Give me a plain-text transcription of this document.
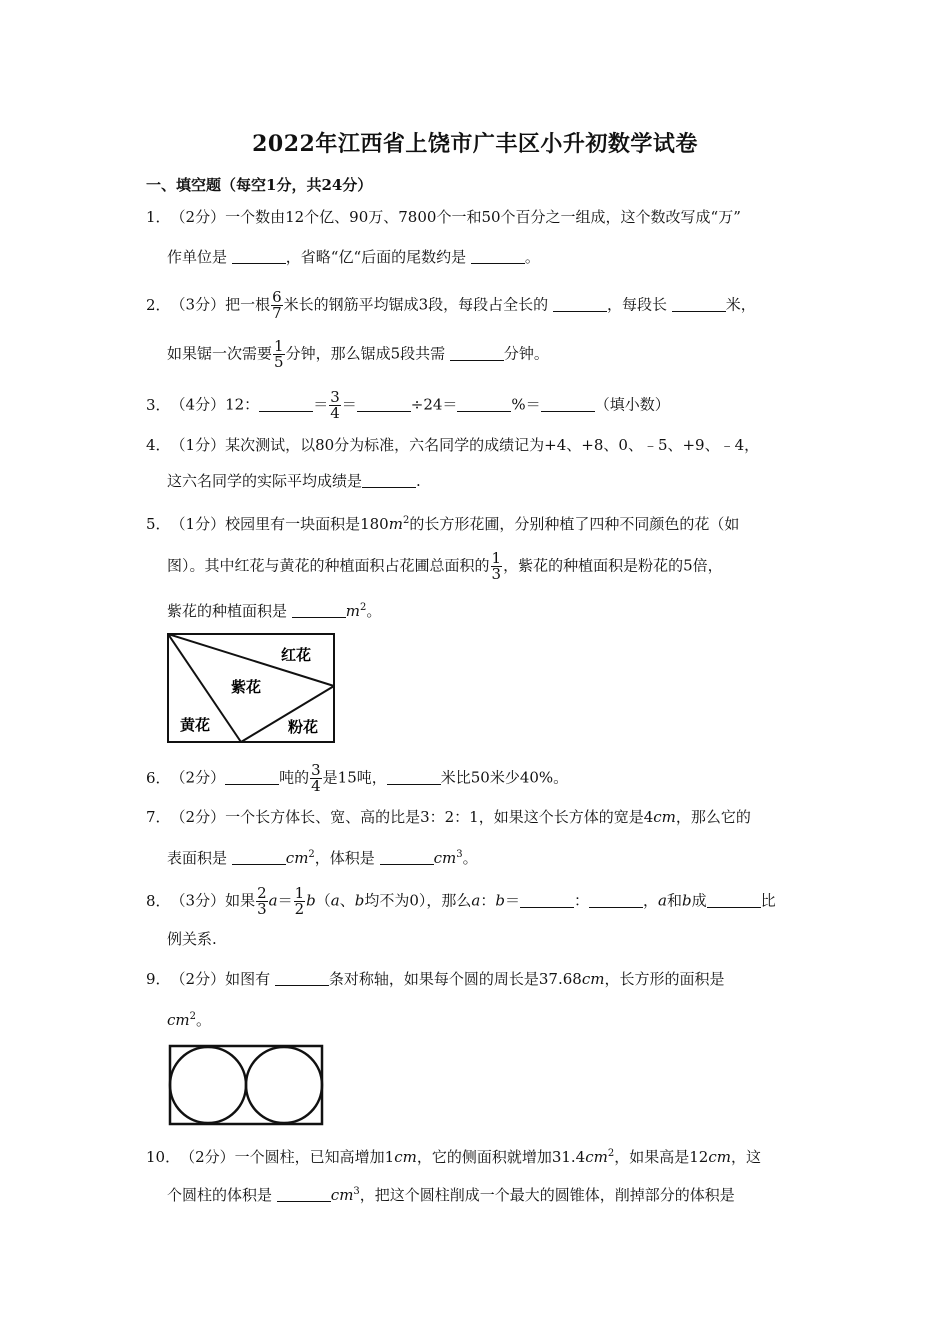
2022年江西省上饶市广丰区小升初数学试卷
一、填空题（每空1分，共24分）
1．（2分）一个数由12个亿、90万、7800个一和50个百分之一组成，这个数改写成“万”
作单位是	，省略“亿“后面的尾数约是	。
2．（3分）把一根 $\frac{6}{7}$ 米长的钢筋平均锯成3段，每段占全长的	，每段长	米，
如果锯一次需要 $\frac{1}{5}$ 分钟，那么锯成5段共需	分钟。
3．（4分）12：	＝ $\frac{3}{4}$ ＝	÷24＝	%＝	（填小数）
4．（1分）某次测试，以80分为标准，六名同学的成绩记为+4、+8、0、﹣5、+9、﹣4，
这六名同学的实际平均成绩是	.
5．（1分）校园里有一块面积是$180m^2$的长方形花圃，分别种植了四种不同颜色的花（如
图）。其中红花与黄花的种植面积占花圃总面积的 $\frac{1}{3}$ ，紫花的种植面积是粉花的5倍，
紫花的种植面积是	$m^2$。
红花
紫花
黄花	粉花
6．（2分）	吨的 $\frac{3}{4}$ 是15吨，	米比50米少40%。
7．（2分）一个长方体长、宽、高的比是3：2：1，如果这个长方体的宽是4cm，那么它的
表面积是	$cm^2$，体积是	$cm^3$。
8．（3分）如果 $\frac{2}{3} a= \frac{1}{2} b(a$、b均不为0），那么a：b＝	：	，a和b成	比
例关系.
9．（2分）如图有	条对称轴，如果每个圆的周长是37.68cm，长方形的面积是
$cm^2$。
10．（2分）一个圆柱，已知高增加1cm，它的侧面积就增加$31.4cm^2$，如果高是12cm，这
个圆柱的体积是	$cm^3$，把这个圆柱削成一个最大的圆锥体，削掉部分的体积是
